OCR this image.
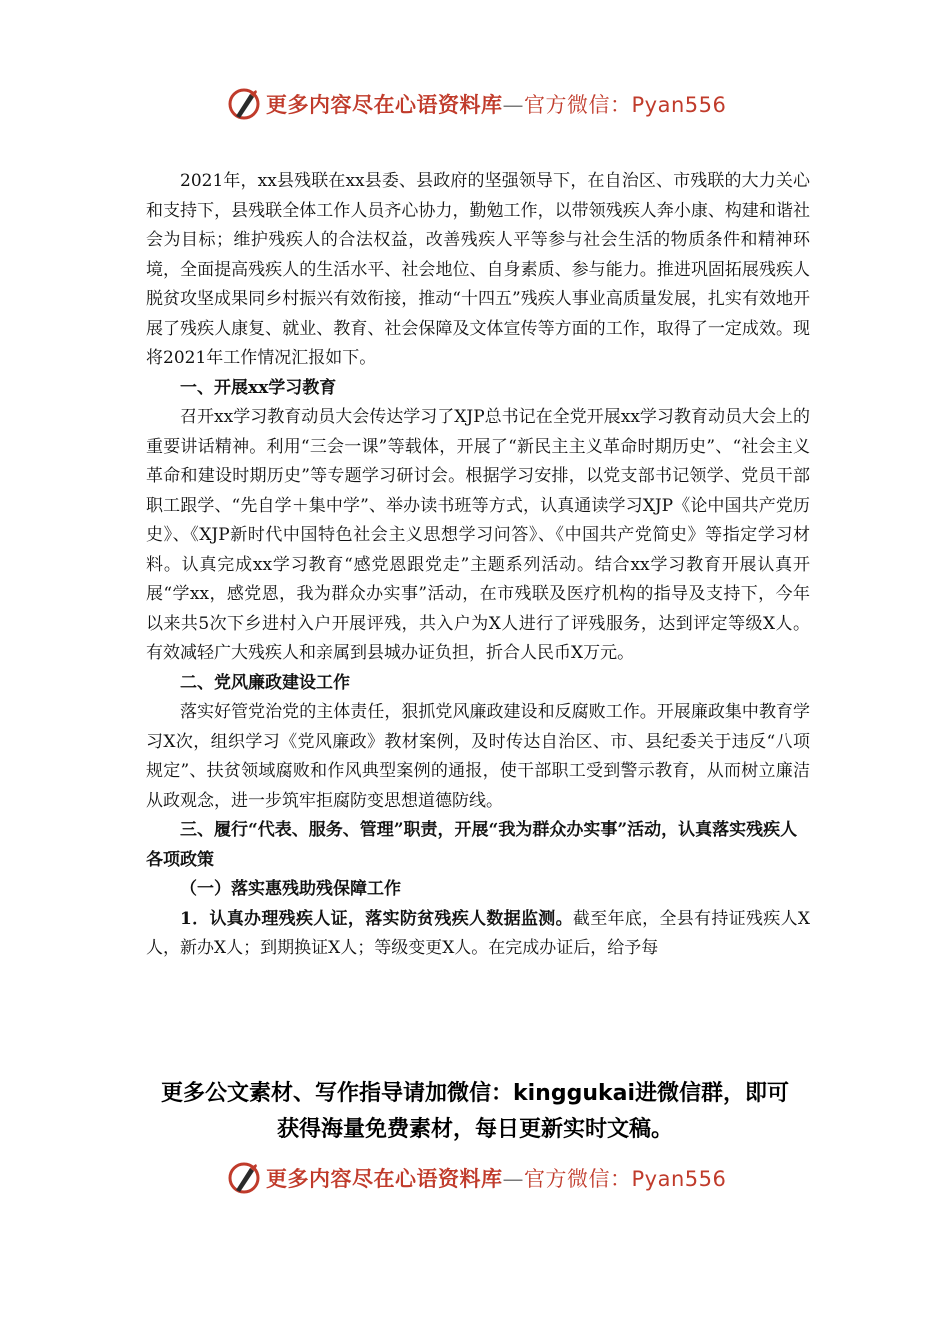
更多内容尽在心语资料库—官方微信：Pyan556

2021年，xx县残联在xx县委、县政府的坚强领导下，在自治区、市残联的大力关心和支持下，县残联全体工作人员齐心协力，勤勉工作，以带领残疾人奔小康、构建和谐社会为目标；维护残疾人的合法权益，改善残疾人平等参与社会生活的物质条件和精神环境，全面提高残疾人的生活水平、社会地位、自身素质、参与能力。推进巩固拓展残疾人脱贫攻坚成果同乡村振兴有效衔接，推动“十四五”残疾人事业高质量发展，扎实有效地开展了残疾人康复、就业、教育、社会保障及文体宣传等方面的工作，取得了一定成效。现将2021年工作情况汇报如下。

一、开展xx学习教育

召开xx学习教育动员大会传达学习了XJP总书记在全党开展xx学习教育动员大会上的重要讲话精神。利用“三会一课”等载体，开展了“新民主主义革命时期历史”、“社会主义革命和建设时期历史”等专题学习研讨会。根据学习安排，以党支部书记领学、党员干部职工跟学、“先自学＋集中学”、举办读书班等方式，认真通读学习XJP《论中国共产党历史》、《XJP新时代中国特色社会主义思想学习问答》、《中国共产党简史》等指定学习材料。认真完成xx学习教育“感党恩跟党走”主题系列活动。结合xx学习教育开展认真开展“学xx，感党恩，我为群众办实事”活动，在市残联及医疗机构的指导及支持下，今年以来共5次下乡进村入户开展评残，共入户为X人进行了评残服务，达到评定等级X人。有效减轻广大残疾人和亲属到县城办证负担，折合人民币X万元。

二、党风廉政建设工作

落实好管党治党的主体责任，狠抓党风廉政建设和反腐败工作。开展廉政集中教育学习X次，组织学习《党风廉政》教材案例，及时传达自治区、市、县纪委关于违反“八项规定”、扶贫领域腐败和作风典型案例的通报，使干部职工受到警示教育，从而树立廉洁从政观念，进一步筑牢拒腐防变思想道德防线。

三、履行“代表、服务、管理”职责，开展“我为群众办实事”活动，认真落实残疾人各项政策
（一）落实惠残助残保障工作

1．认真办理残疾人证，落实防贫残疾人数据监测。截至年底，全县有持证残疾人X人，新办X人；到期换证X人；等级变更X人。在完成办证后，给予每

更多公文素材、写作指导请加微信：kinggukai进微信群，即可
获得海量免费素材，每日更新实时文稿。
更多内容尽在心语资料库—官方微信：Pyan556
